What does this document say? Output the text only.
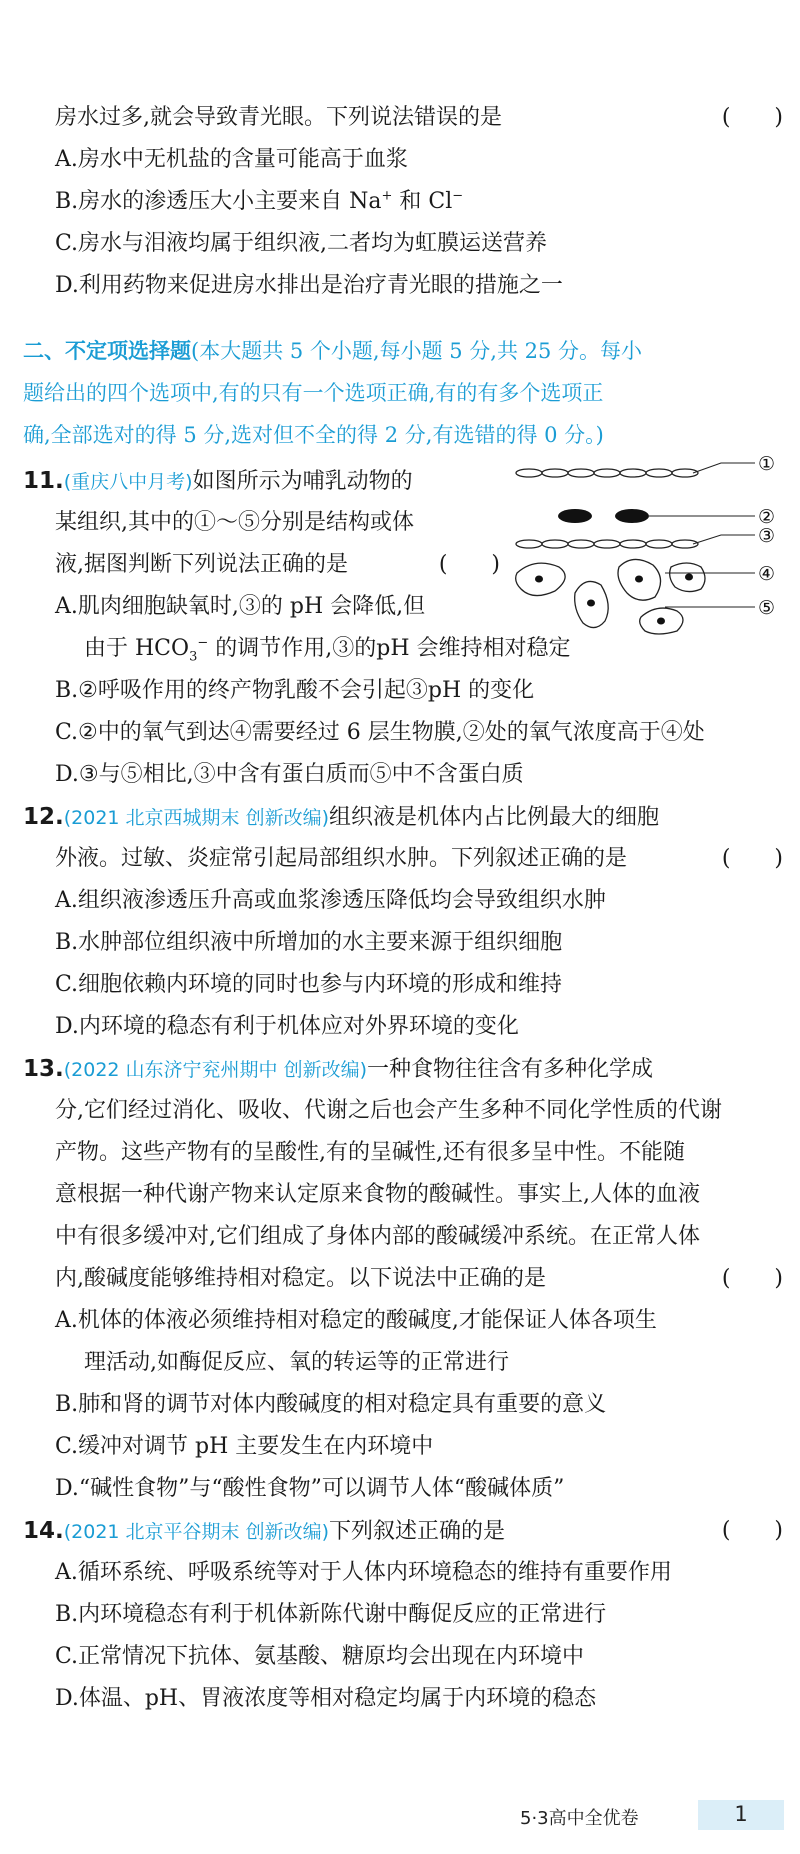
房水过多,就会导致青光眼。下列说法错误的是	(　　)
A.房水中无机盐的含量可能高于血浆
B.房水的渗透压大小主要来自 Na+ 和 Cl−
C.房水与泪液均属于组织液,二者均为虹膜运送营养
D.利用药物来促进房水排出是治疗青光眼的措施之一
二、不定项选择题(本大题共 5 个小题,每小题 5 分,共 25 分。每小
题给出的四个选项中,有的只有一个选项正确,有的有多个选项正
确,全部选对的得 5 分,选对但不全的得 2 分,有选错的得 0 分。)
11.(重庆八中月考)如图所示为哺乳动物的
某组织,其中的①～⑤分别是结构或体
液,据图判断下列说法正确的是	(　　)
A.肌肉细胞缺氧时,③的 pH 会降低,但
由于 $HCO_3^-$ 的调节作用,③的pH 会维持相对稳定
B.②呼吸作用的终产物乳酸不会引起③pH 的变化
C.②中的氧气到达④需要经过 6 层生物膜,②处的氧气浓度高于④处
D.③与⑤相比,③中含有蛋白质而⑤中不含蛋白质
①
②
③
④
⑤
12.(2021 北京西城期末 创新改编)组织液是机体内占比例最大的细胞
外液。过敏、炎症常引起局部组织水肿。下列叙述正确的是	(　　)
A.组织液渗透压升高或血浆渗透压降低均会导致组织水肿
B.水肿部位组织液中所增加的水主要来源于组织细胞
C.细胞依赖内环境的同时也参与内环境的形成和维持
D.内环境的稳态有利于机体应对外界环境的变化
13.(2022 山东济宁兖州期中 创新改编)一种食物往往含有多种化学成
分,它们经过消化、吸收、代谢之后也会产生多种不同化学性质的代谢
产物。这些产物有的呈酸性,有的呈碱性,还有很多呈中性。不能随
意根据一种代谢产物来认定原来食物的酸碱性。事实上,人体的血液
中有很多缓冲对,它们组成了身体内部的酸碱缓冲系统。在正常人体
内,酸碱度能够维持相对稳定。以下说法中正确的是	(　　)
A.机体的体液必须维持相对稳定的酸碱度,才能保证人体各项生
理活动,如酶促反应、氧的转运等的正常进行
B.肺和肾的调节对体内酸碱度的相对稳定具有重要的意义
C.缓冲对调节 pH 主要发生在内环境中
D.“碱性食物”与“酸性食物”可以调节人体“酸碱体质”
14.(2021 北京平谷期末 创新改编)下列叙述正确的是	(　　)
A.循环系统、呼吸系统等对于人体内环境稳态的维持有重要作用
B.内环境稳态有利于机体新陈代谢中酶促反应的正常进行
C.正常情况下抗体、氨基酸、糖原均会出现在内环境中
D.体温、pH、胃液浓度等相对稳定均属于内环境的稳态
5·3高中全优卷	1
